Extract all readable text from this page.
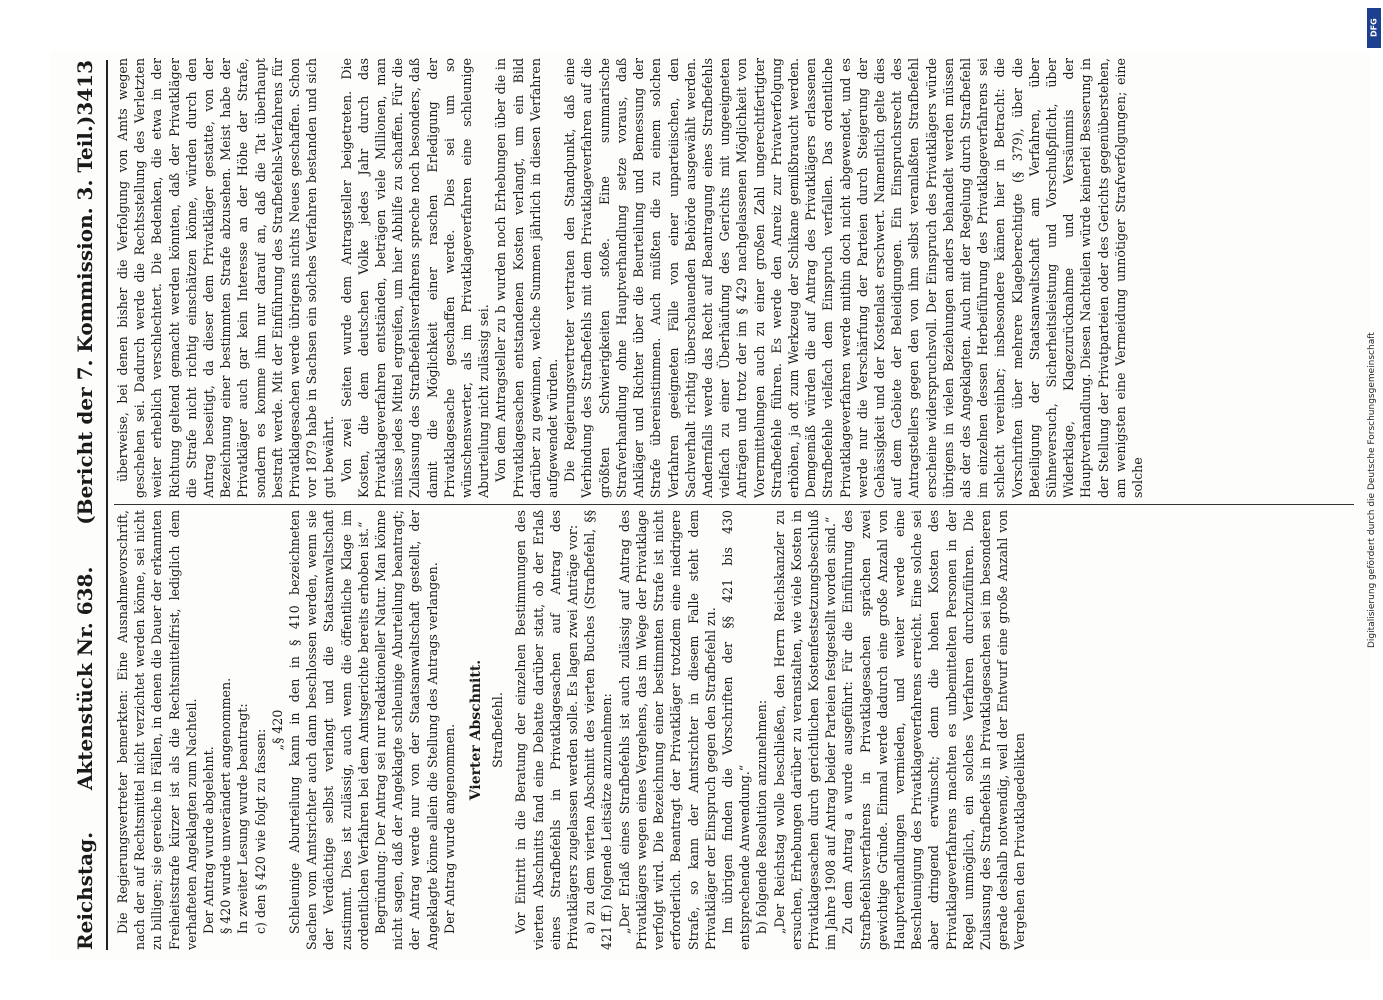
Reichstag.
Aktenstück Nr. 638.
(Bericht der 7. Kommission. 3. Teil.)
3413

Die Regierungsvertreter bemerkten: Eine Ausnahmevorschrift, nach der auf Rechtsmittel nicht verzichtet werden könne, sei nicht zu billigen; sie gereiche in Fällen, in denen die Dauer der erkannten Freiheitsstrafe kürzer ist als die Rechtsmittelfrist, lediglich dem verhafteten Angeklagten zum Nachteil. Der Antrag wurde abgelehnt. § 420 wurde unverändert angenommen. In zweiter Lesung wurde beantragt: c) den § 420 wie folgt zu fassen: „§ 420 Schleunige Aburteilung kann in den in § 410 bezeichneten Sachen vom Amtsrichter auch dann beschlossen werden, wenn sie der Verdächtige selbst verlangt und die Staatsanwaltschaft zustimmt. Dies ist zulässig, auch wenn die öffentliche Klage im ordentlichen Verfahren bei dem Amtsgerichte bereits erhoben ist.“ Begründung: Der Antrag sei nur redaktioneller Natur. Man könne nicht sagen, daß der Angeklagte schleunige Aburteilung beantragt; der Antrag werde nur von der Staatsanwaltschaft gestellt, der Angeklagte könne allein die Stellung des Antrags verlangen. Der Antrag wurde angenommen. Vierter Abschnitt. Strafbefehl. Vor Eintritt in die Beratung der einzelnen Bestimmungen des vierten Abschnitts fand eine Debatte darüber statt, ob der Erlaß eines Strafbefehls in Privatklagesachen auf Antrag des Privatklägers zugelassen werden solle. Es lagen zwei Anträge vor: a) zu dem vierten Abschnitt des vierten Buches (Strafbefehl, §§ 421 ff.) folgende Leitsätze anzunehmen: „Der Erlaß eines Strafbefehls ist auch zulässig auf Antrag des Privatklägers wegen eines Vergehens, das im Wege der Privatklage verfolgt wird. Die Bezeichnung einer bestimmten Strafe ist nicht erforderlich. Beantragt der Privatkläger trotzdem eine niedrigere Strafe, so kann der Amtsrichter in diesem Falle steht dem Privatkläger der Einspruch gegen den Strafbefehl zu. Im übrigen finden die Vorschriften der §§ 421 bis 430 entsprechende Anwendung.“ b) folgende Resolution anzunehmen: „Der Reichstag wolle beschließen, den Herrn Reichskanzler zu ersuchen, Erhebungen darüber zu veranstalten, wie viele Kosten in Privatklagesachen durch gerichtlichen Kostenfestsetzungsbeschluß im Jahre 1908 auf Antrag beider Parteien festgestellt worden sind.“ Zu dem Antrag a wurde ausgeführt: Für die Einführung des Strafbefehlsverfahrens in Privatklagesachen sprächen zwei gewichtige Gründe. Einmal werde dadurch eine große Anzahl von Hauptverhandlungen vermieden, und weiter werde eine Beschleunigung des Privatklageverfahrens erreicht. Eine solche sei aber dringend erwünscht; denn die hohen Kosten des Privatklageverfahrens machten es unbemittelten Personen in der Regel unmöglich, ein solches Verfahren durchzuführen. Die Zulassung des Strafbefehls in Privatklagesachen sei im besonderen gerade deshalb notwendig, weil der Entwurf eine große Anzahl von Vergehen den Privatklagedelikten

überweise, bei denen bisher die Verfolgung von Amts wegen geschehen sei. Dadurch werde die Rechtsstellung des Verletzten weiter erheblich verschlechtert. Die Bedenken, die etwa in der Richtung geltend gemacht werden könnten, daß der Privatkläger die Strafe nicht richtig einschätzen könne, würden durch den Antrag beseitigt, da dieser dem Privatkläger gestatte, von der Bezeichnung einer bestimmten Strafe abzusehen. Meist habe der Privatkläger auch gar kein Interesse an der Höhe der Strafe, sondern es komme ihm nur darauf an, daß die Tat überhaupt bestraft werde. Mit der Einführung des Strafbefehls-Verfahrens für Privatklagesachen werde übrigens nichts Neues geschaffen. Schon vor 1879 habe in Sachsen ein solches Verfahren bestanden und sich gut bewährt. Von zwei Seiten wurde dem Antragsteller beigetreten. Die Kosten, die dem deutschen Volke jedes Jahr durch das Privatklageverfahren entständen, beträgen viele Millionen, man müsse jedes Mittel ergreifen, um hier Abhilfe zu schaffen. Für die Zulassung des Strafbefehlsverfahrens spreche noch besonders, daß damit die Möglichkeit einer raschen Erledigung der Privatklagesache geschaffen werde. Dies sei um so wünschenswerter, als im Privatklageverfahren eine schleunige Aburteilung nicht zulässig sei. Von dem Antragsteller zu b wurden noch Erhebungen über die in Privatklagesachen entstandenen Kosten verlangt, um ein Bild darüber zu gewinnen, welche Summen jährlich in diesen Verfahren aufgewendet würden. Die Regierungsvertreter vertraten den Standpunkt, daß eine Verbindung des Strafbefehls mit dem Privatklageverfahren auf die größten Schwierigkeiten stoße. Eine summarische Strafverhandlung ohne Hauptverhandlung setze voraus, daß Ankläger und Richter über die Beurteilung und Bemessung der Strafe übereinstimmen. Auch müßten die zu einem solchen Verfahren geeigneten Fälle von einer unparteiischen, den Sachverhalt richtig überschauenden Behörde ausgewählt werden. Andernfalls werde das Recht auf Beantragung eines Strafbefehls vielfach zu einer Überhäufung des Gerichts mit ungeeigneten Anträgen und trotz der im § 429 nachgelassenen Möglichkeit von Vorermittelungen auch zu einer großen Zahl ungerechtfertigter Strafbefehle führen. Es werde den Anreiz zur Privatverfolgung erhöhen, ja oft zum Werkzeug der Schikane gemißbraucht werden. Demgemäß würden die auf Antrag des Privatklägers erlassenen Strafbefehle vielfach dem Einspruch verfallen. Das ordentliche Privatklageverfahren werde mithin doch nicht abgewendet, und es werde nur die Verschärfung der Parteien durch Steigerung der Gehässigkeit und der Kostenlast erschwert. Namentlich gelte dies auf dem Gebiete der Beleidigungen. Ein Einspruchsrecht des Antragstellers gegen den von ihm selbst veranlaßten Strafbefehl erscheine widerspruchsvoll. Der Einspruch des Privatklägers würde übrigens in vielen Beziehungen anders behandelt werden müssen als der des Angeklagten. Auch mit der Regelung durch Strafbefehl im einzelnen dessen Herbeiführung des Privatklageverfahrens sei schlecht vereinbar; insbesondere kämen hier in Betracht: die Vorschriften über mehrere Klageberechtigte (§ 379), über die Beteiligung der Staatsanwaltschaft am Verfahren, über Sühneversuch, Sicherheitsleistung und Vorschußpflicht, über Widerklage, Klagezurücknahme und Versäumnis der Hauptverhandlung. Diesen Nachteilen würde keinerlei Besserung in der Stellung der Privatparteien oder des Gerichts gegenüberstehen, am wenigsten eine Vermeidung unnötiger Strafverfolgungen; eine solche

DFG
Digitalisierung gefördert durch die Deutsche Forschungsgemeinschaft
